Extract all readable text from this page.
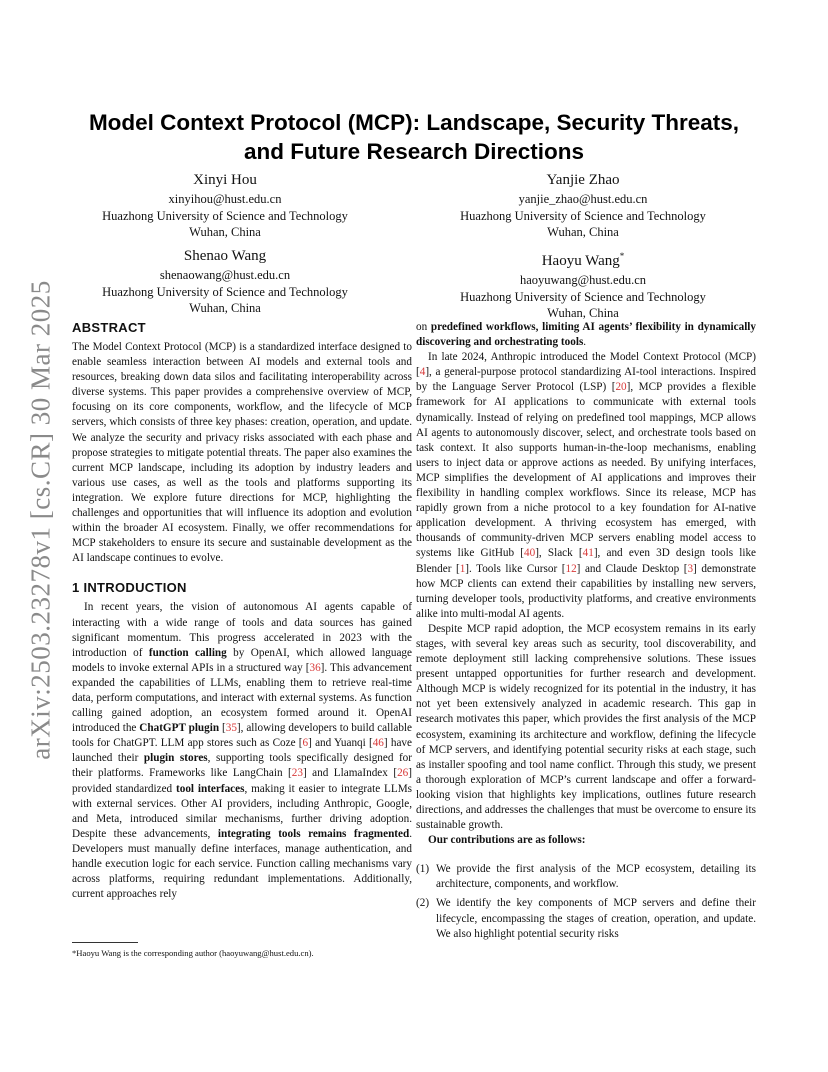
arXiv:2503.23278v1 [cs.CR] 30 Mar 2025
Model Context Protocol (MCP): Landscape, Security Threats, and Future Research Directions
Xinyi Hou
xinyihou@hust.edu.cn
Huazhong University of Science and Technology
Wuhan, China
Yanjie Zhao
yanjie_zhao@hust.edu.cn
Huazhong University of Science and Technology
Wuhan, China
Shenao Wang
shenaowang@hust.edu.cn
Huazhong University of Science and Technology
Wuhan, China
Haoyu Wang*
haoyuwang@hust.edu.cn
Huazhong University of Science and Technology
Wuhan, China
ABSTRACT

The Model Context Protocol (MCP) is a standardized interface designed to enable seamless interaction between AI models and external tools and resources, breaking down data silos and facilitating interoperability across diverse systems. This paper provides a comprehensive overview of MCP, focusing on its core components, workflow, and the lifecycle of MCP servers, which consists of three key phases: creation, operation, and update. We analyze the security and privacy risks associated with each phase and propose strategies to mitigate potential threats. The paper also examines the current MCP landscape, including its adoption by industry leaders and various use cases, as well as the tools and platforms supporting its integration. We explore future directions for MCP, highlighting the challenges and opportunities that will influence its adoption and evolution within the broader AI ecosystem. Finally, we offer recommendations for MCP stakeholders to ensure its secure and sustainable development as the AI landscape continues to evolve.

1 INTRODUCTION

In recent years, the vision of autonomous AI agents capable of interacting with a wide range of tools and data sources has gained significant momentum. This progress accelerated in 2023 with the introduction of function calling by OpenAI, which allowed language models to invoke external APIs in a structured way [36]. This advancement expanded the capabilities of LLMs, enabling them to retrieve real-time data, perform computations, and interact with external systems. As function calling gained adoption, an ecosystem formed around it. OpenAI introduced the ChatGPT plugin [35], allowing developers to build callable tools for ChatGPT. LLM app stores such as Coze [6] and Yuanqi [46] have launched their plugin stores, supporting tools specifically designed for their platforms. Frameworks like LangChain [23] and LlamaIndex [26] provided standardized tool interfaces, making it easier to integrate LLMs with external services. Other AI providers, including Anthropic, Google, and Meta, introduced similar mechanisms, further driving adoption. Despite these advancements, integrating tools remains fragmented. Developers must manually define interfaces, manage authentication, and handle execution logic for each service. Function calling mechanisms vary across platforms, requiring redundant implementations. Additionally, current approaches rely

on predefined workflows, limiting AI agents’ flexibility in dynamically discovering and orchestrating tools.

In late 2024, Anthropic introduced the Model Context Protocol (MCP)[4], a general-purpose protocol standardizing AI-tool interactions. Inspired by the Language Server Protocol (LSP) [20], MCP provides a flexible framework for AI applications to communicate with external tools dynamically. Instead of relying on predefined tool mappings, MCP allows AI agents to autonomously discover, select, and orchestrate tools based on task context. It also supports human-in-the-loop mechanisms, enabling users to inject data or approve actions as needed. By unifying interfaces, MCP simplifies the development of AI applications and improves their flexibility in handling complex workflows. Since its release, MCP has rapidly grown from a niche protocol to a key foundation for AI-native application development. A thriving ecosystem has emerged, with thousands of community-driven MCP servers enabling model access to systems like GitHub [40], Slack [41], and even 3D design tools like Blender [1]. Tools like Cursor [12] and Claude Desktop [3] demonstrate how MCP clients can extend their capabilities by installing new servers, turning developer tools, productivity platforms, and creative environments alike into multi-modal AI agents.

Despite MCP rapid adoption, the MCP ecosystem remains in its early stages, with several key areas such as security, tool discoverability, and remote deployment still lacking comprehensive solutions. These issues present untapped opportunities for further research and development. Although MCP is widely recognized for its potential in the industry, it has not yet been extensively analyzed in academic research. This gap in research motivates this paper, which provides the first analysis of the MCP ecosystem, examining its architecture and workflow, defining the lifecycle of MCP servers, and identifying potential security risks at each stage, such as installer spoofing and tool name conflict. Through this study, we present a thorough exploration of MCP’s current landscape and offer a forward-looking vision that highlights key implications, outlines future research directions, and addresses the challenges that must be overcome to ensure its sustainable growth.

Our contributions are as follows:

(1) We provide the first analysis of the MCP ecosystem, detailing its architecture, components, and workflow.
(2) We identify the key components of MCP servers and define their lifecycle, encompassing the stages of creation, operation, and update. We also highlight potential security risks
*Haoyu Wang is the corresponding author (haoyuwang@hust.edu.cn).
